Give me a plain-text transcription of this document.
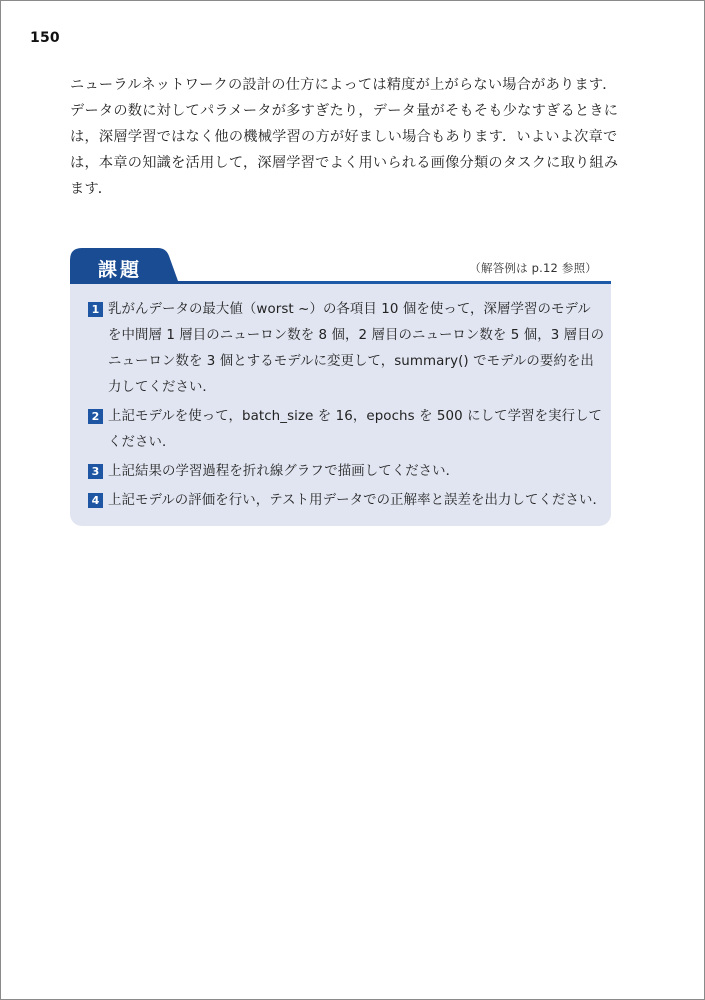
150

ニューラルネットワークの設計の仕方によっては精度が上がらない場合があります．
データの数に対してパラメータが多すぎたり，データ量がそもそも少なすぎるときに
は，深層学習ではなく他の機械学習の方が好ましい場合もあります．いよいよ次章で
は，本章の知識を活用して，深層学習でよく用いられる画像分類のタスクに取り組み
ます．

課題	（解答例は p.12 参照）
1 乳がんデータの最大値（worst ~）の各項目 10 個を使って，深層学習のモデル
を中間層 1 層目のニューロン数を 8 個，2 層目のニューロン数を 5 個，3 層目の
ニューロン数を 3 個とするモデルに変更して，summary() でモデルの要約を出
力してください．
2 上記モデルを使って，batch_size を 16，epochs を 500 にして学習を実行して
ください．
3 上記結果の学習過程を折れ線グラフで描画してください．
4 上記モデルの評価を行い，テスト用データでの正解率と誤差を出力してください．
